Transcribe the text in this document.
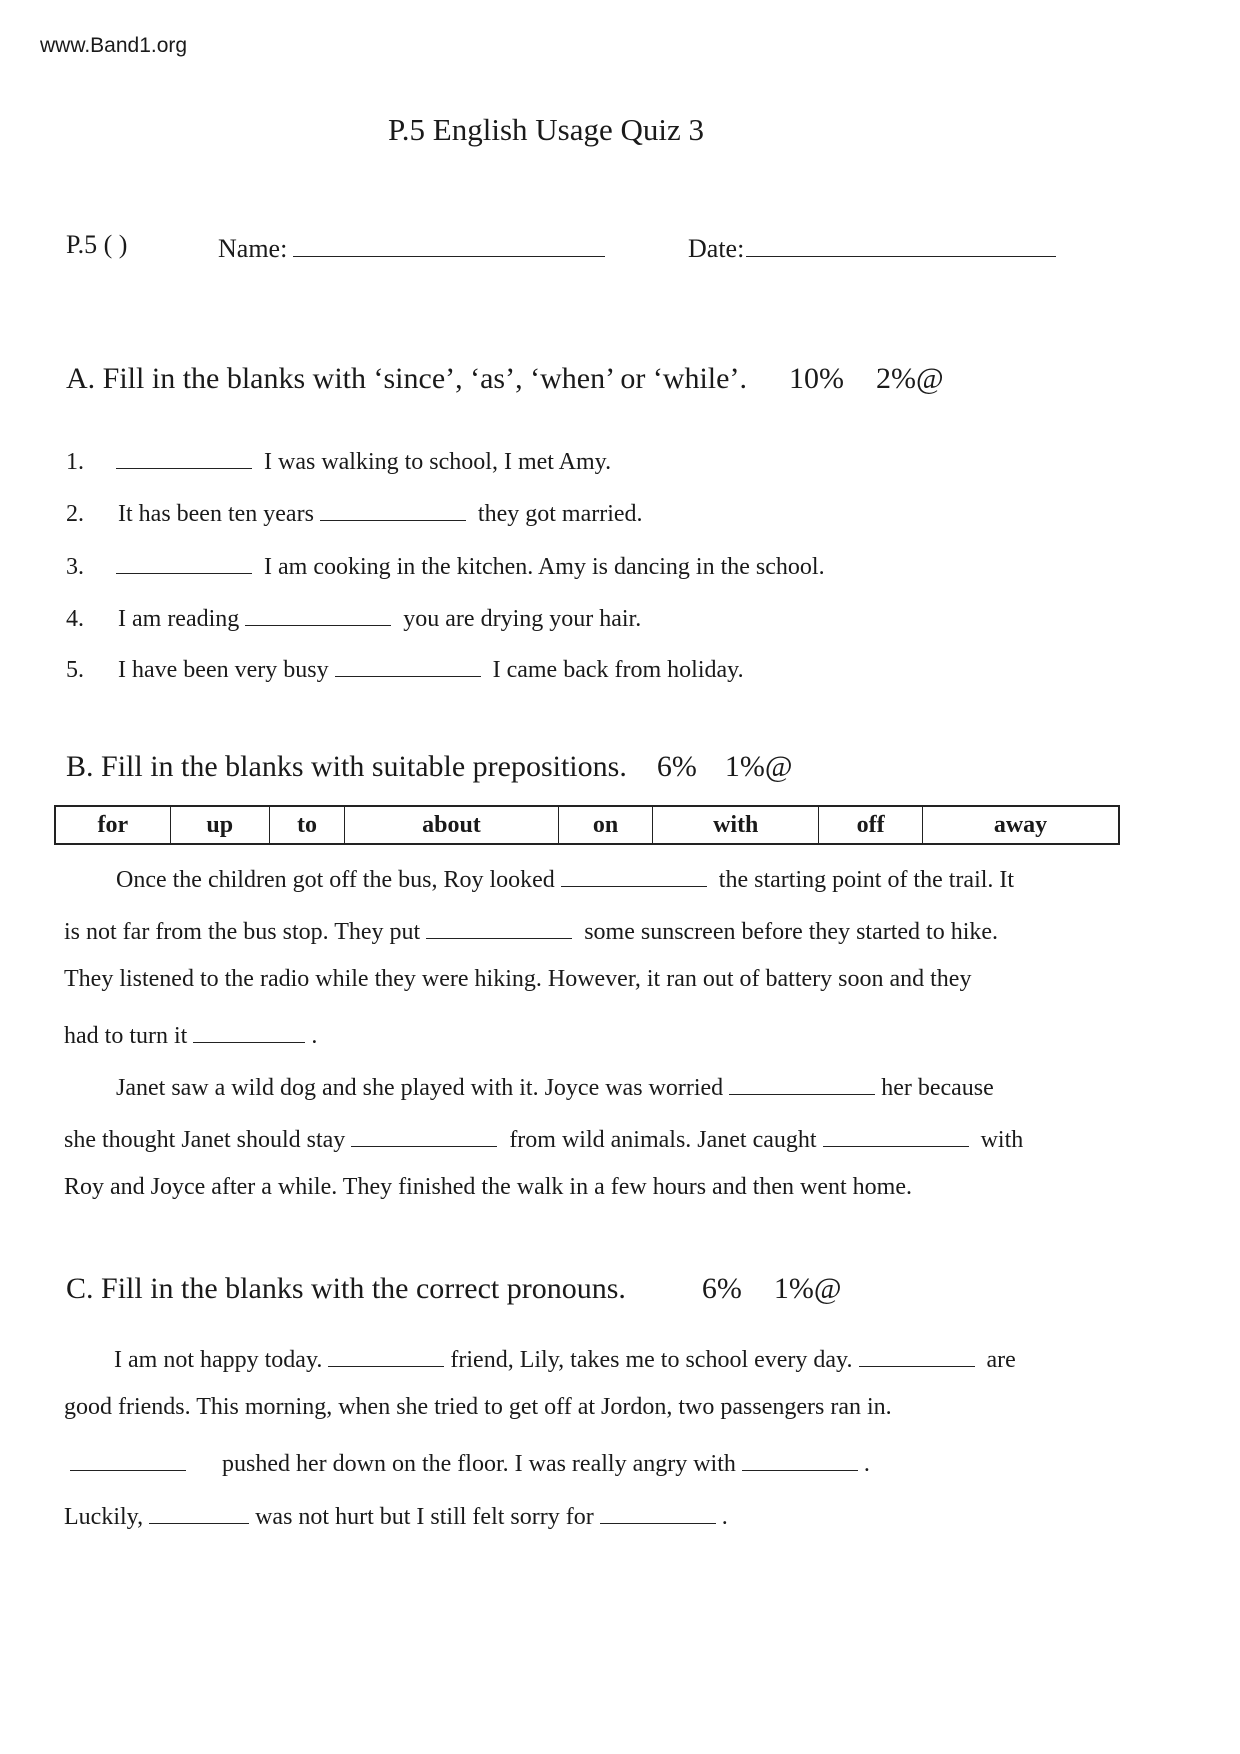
www.Band1.org
P.5 English Usage Quiz 3
P.5 ( )	Name:	Date:
A. Fill in the blanks with ‘since’, ‘as’, ‘when’ or ‘while’. 10% 2%@
1.	I was walking to school, I met Amy.
2. It has been ten years	they got married.
3.	I am cooking in the kitchen. Amy is dancing in the school.
4. I am reading	you are drying your hair.
5. I have been very busy	I came back from holiday.
B. Fill in the blanks with suitable prepositions. 6% 1%@
for	up	to	about	on	with	off	away
Once the children got off the bus, Roy looked	the starting point of the trail. It
is not far from the bus stop. They put	some sunscreen before they started to hike.
They listened to the radio while they were hiking. However, it ran out of battery soon and they
had to turn it	.
Janet saw a wild dog and she played with it. Joyce was worried	her because
she thought Janet should stay	from wild animals. Janet caught	with
Roy and Joyce after a while. They finished the walk in a few hours and then went home.
C. Fill in the blanks with the correct pronouns.	6% 1%@
I am not happy today.	friend, Lily, takes me to school every day.	are
good friends. This morning, when she tried to get off at Jordon, two passengers ran in.
pushed her down on the floor. I was really angry with	.
Luckily,	was not hurt but I still felt sorry for	.
